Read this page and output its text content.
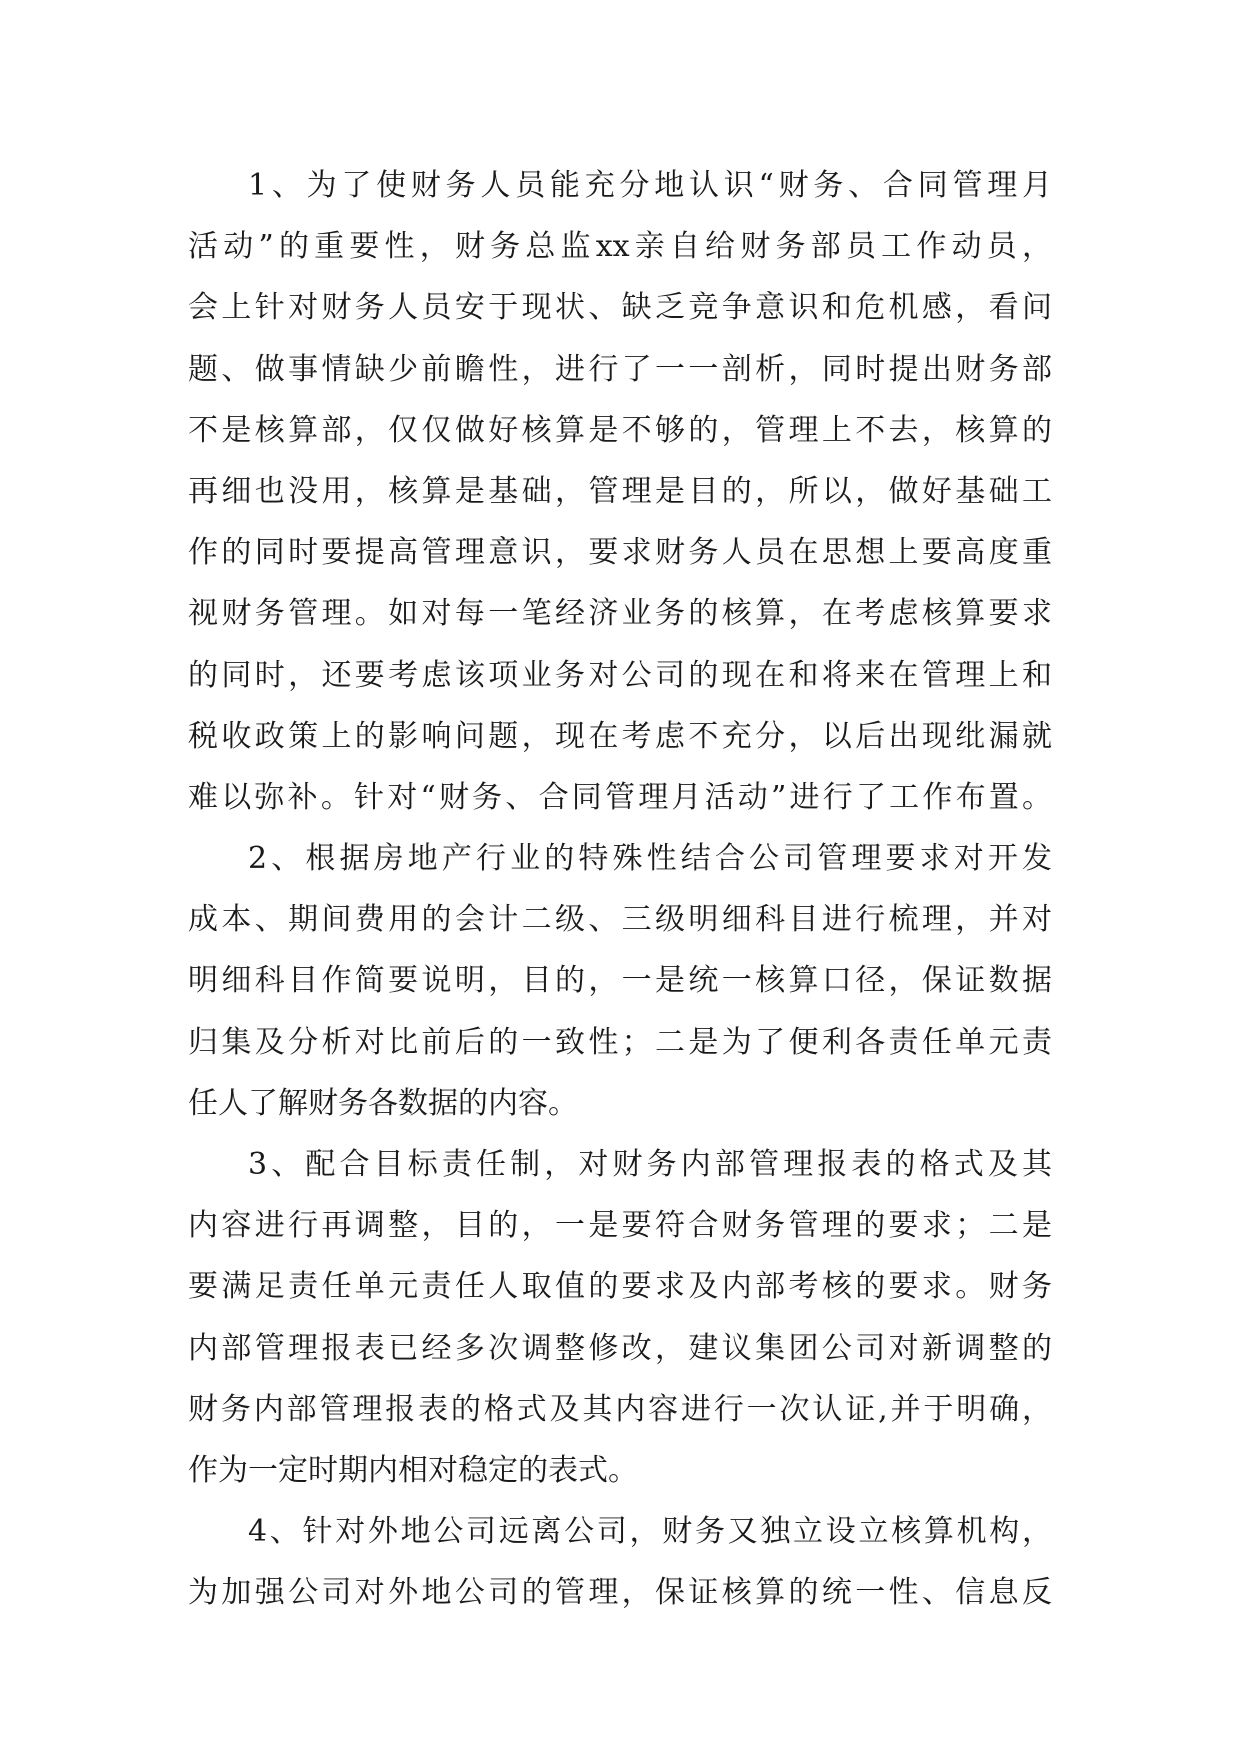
1、为了使财务人员能充分地认识“财务、合同管理月
活动”的重要性，财务总监xx亲自给财务部员工作动员，
会上针对财务人员安于现状、缺乏竞争意识和危机感，看问
题、做事情缺少前瞻性，进行了一一剖析，同时提出财务部
不是核算部，仅仅做好核算是不够的，管理上不去，核算的
再细也没用，核算是基础，管理是目的，所以，做好基础工
作的同时要提高管理意识，要求财务人员在思想上要高度重
视财务管理。如对每一笔经济业务的核算，在考虑核算要求
的同时，还要考虑该项业务对公司的现在和将来在管理上和
税收政策上的影响问题，现在考虑不充分，以后出现纰漏就
难以弥补。针对“财务、合同管理月活动”进行了工作布置。
2、根据房地产行业的特殊性结合公司管理要求对开发
成本、期间费用的会计二级、三级明细科目进行梳理，并对
明细科目作简要说明，目的，一是统一核算口径，保证数据
归集及分析对比前后的一致性；二是为了便利各责任单元责
任人了解财务各数据的内容。
3、配合目标责任制，对财务内部管理报表的格式及其
内容进行再调整，目的，一是要符合财务管理的要求；二是
要满足责任单元责任人取值的要求及内部考核的要求。财务
内部管理报表已经多次调整修改，建议集团公司对新调整的
财务内部管理报表的格式及其内容进行一次认证,并于明确，
作为一定时期内相对稳定的表式。
4、针对外地公司远离公司，财务又独立设立核算机构，
为加强公司对外地公司的管理，保证核算的统一性、信息反
